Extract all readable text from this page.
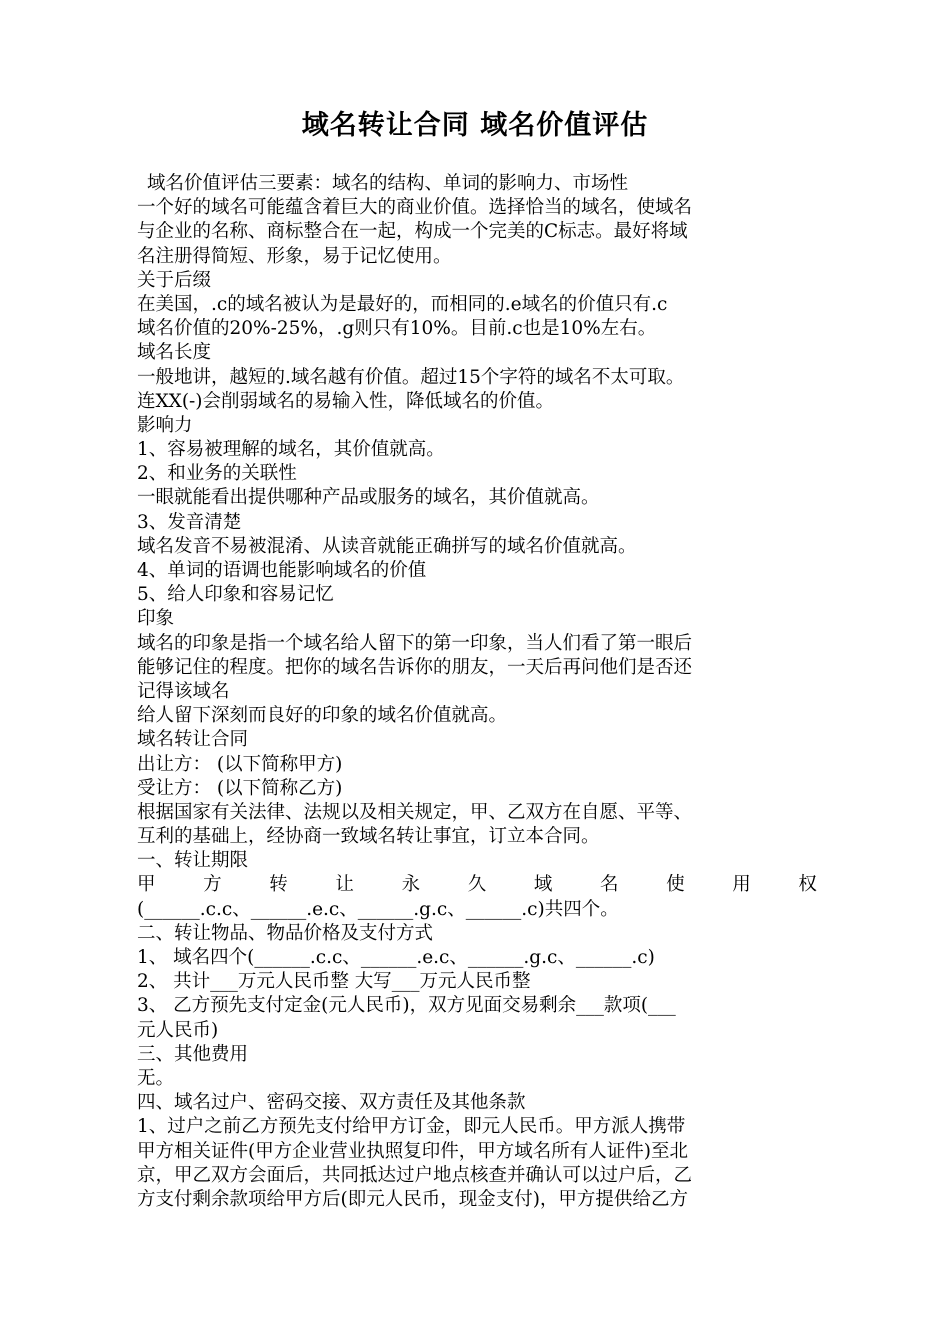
域名转让合同 域名价值评估
域名价值评估三要素：域名的结构、单词的影响力、市场性
一个好的域名可能蕴含着巨大的商业价值。选择恰当的域名，使域名
与企业的名称、商标整合在一起，构成一个完美的C标志。最好将域
名注册得简短、形象，易于记忆使用。
关于后缀
在美国，.c的域名被认为是最好的，而相同的.e域名的价值只有.c
域名价值的20%-25%，.g则只有10%。目前.c也是10%左右。
域名长度
一般地讲，越短的.域名越有价值。超过15个字符的域名不太可取。
连XX(-)会削弱域名的易输入性，降低域名的价值。
影响力
1、容易被理解的域名，其价值就高。
2、和业务的关联性
一眼就能看出提供哪种产品或服务的域名，其价值就高。
3、发音清楚
域名发音不易被混淆、从读音就能正确拼写的域名价值就高。
4、单词的语调也能影响域名的价值
5、给人印象和容易记忆
印象
域名的印象是指一个域名给人留下的第一印象，当人们看了第一眼后
能够记住的程度。把你的域名告诉你的朋友，一天后再问他们是否还
记得该域名
给人留下深刻而良好的印象的域名价值就高。
域名转让合同
出让方： (以下简称甲方)
受让方： (以下简称乙方)
根据国家有关法律、法规以及相关规定，甲、乙双方在自愿、平等、
互利的基础上，经协商一致域名转让事宜，订立本合同。
一、转让期限
甲	方	转	让	永	久	域	名	使	用	权
(______.c.c、______.e.c、______.g.c、______.c)共四个。
二、转让物品、物品价格及支付方式
1、 域名四个(______.c.c、______.e.c、______.g.c、______.c)
2、 共计___万元人民币整 大写___万元人民币整
3、 乙方预先支付定金(元人民币)，双方见面交易剩余___款项(___
元人民币)
三、其他费用
无。
四、域名过户、密码交接、双方责任及其他条款
1、过户之前乙方预先支付给甲方订金，即元人民币。甲方派人携带
甲方相关证件(甲方企业营业执照复印件，甲方域名所有人证件)至北
京，甲乙双方会面后，共同抵达过户地点核查并确认可以过户后，乙
方支付剩余款项给甲方后(即元人民币，现金支付)，甲方提供给乙方
